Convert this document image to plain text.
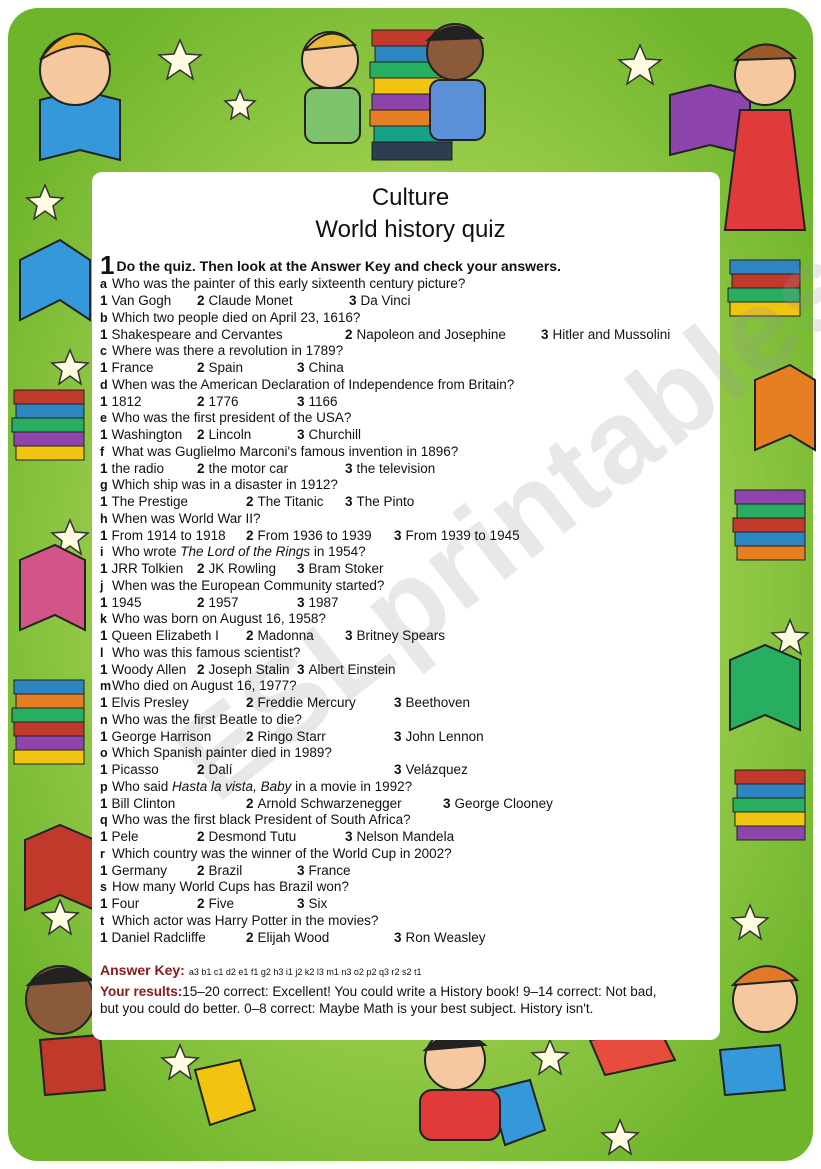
Culture
World history quiz
1 Do the quiz. Then look at the Answer Key and check your answers.
a Who was the painter of this early sixteenth century picture?
1 Van Gogh 2 Claude Monet	3 Da Vinci
b Which two people died on April 23, 1616?
1 Shakespeare and Cervantes	2 Napoleon and Josephine	3 Hitler and Mussolini
c Where was there a revolution in 1789?
1 France	2 Spain	3 China
d When was the American Declaration of Independence from Britain?
1 1812	2 1776	3 1166
e Who was the first president of the USA?
1 Washington 2 Lincoln	3 Churchill
f What was Guglielmo Marconi's famous invention in 1896?
1 the radio 2 the motor car	3 the television
g Which ship was in a disaster in 1912?
1 The Prestige	2 The Titanic 3 The Pinto
h When was World War II?
1 From 1914 to 1918 2 From 1936 to 1939 3 From 1939 to 1945
i Who wrote The Lord of the Rings in 1954?
1 JRR Tolkien 2 JK Rowling 3 Bram Stoker
j When was the European Community started?
1 1945	2 1957	3 1987
k Who was born on August 16, 1958?
1 Queen Elizabeth I 2 Madonna 3 Britney Spears
l Who was this famous scientist?
1 Woody Allen 2 Joseph Stalin 3 Albert Einstein
mWho died on August 16, 1977?
1 Elvis Presley	2 Freddie Mercury	3 Beethoven
n Who was the first Beatle to die?
1 George Harrison	2 Ringo Starr	3 John Lennon
o Which Spanish painter died in 1989?
1 Picasso	2 Dalí	3 Velázquez
p Who said Hasta la vista, Baby in a movie in 1992?
1 Bill Clinton	2 Arnold Schwarzenegger	3 George Clooney
q Who was the first black President of South Africa?
1 Pele	2 Desmond Tutu	3 Nelson Mandela
r Which country was the winner of the World Cup in 2002?
1 Germany 2 Brazil	3 France
s How many World Cups has Brazil won?
1 Four	2 Five	3 Six
t Which actor was Harry Potter in the movies?
1 Daniel Radcliffe	2 Elijah Wood	3 Ron Weasley
Answer Key: a3 b1 c1 d2 e1 f1 g2 h3 i1 j2 k2 l3 m1 n3 o2 p2 q3 r2 s2 t1
Your results:15–20 correct: Excellent! You could write a History book! 9–14 correct: Not bad, but you could do better. 0–8 correct: Maybe Math is your best subject. History isn't.
